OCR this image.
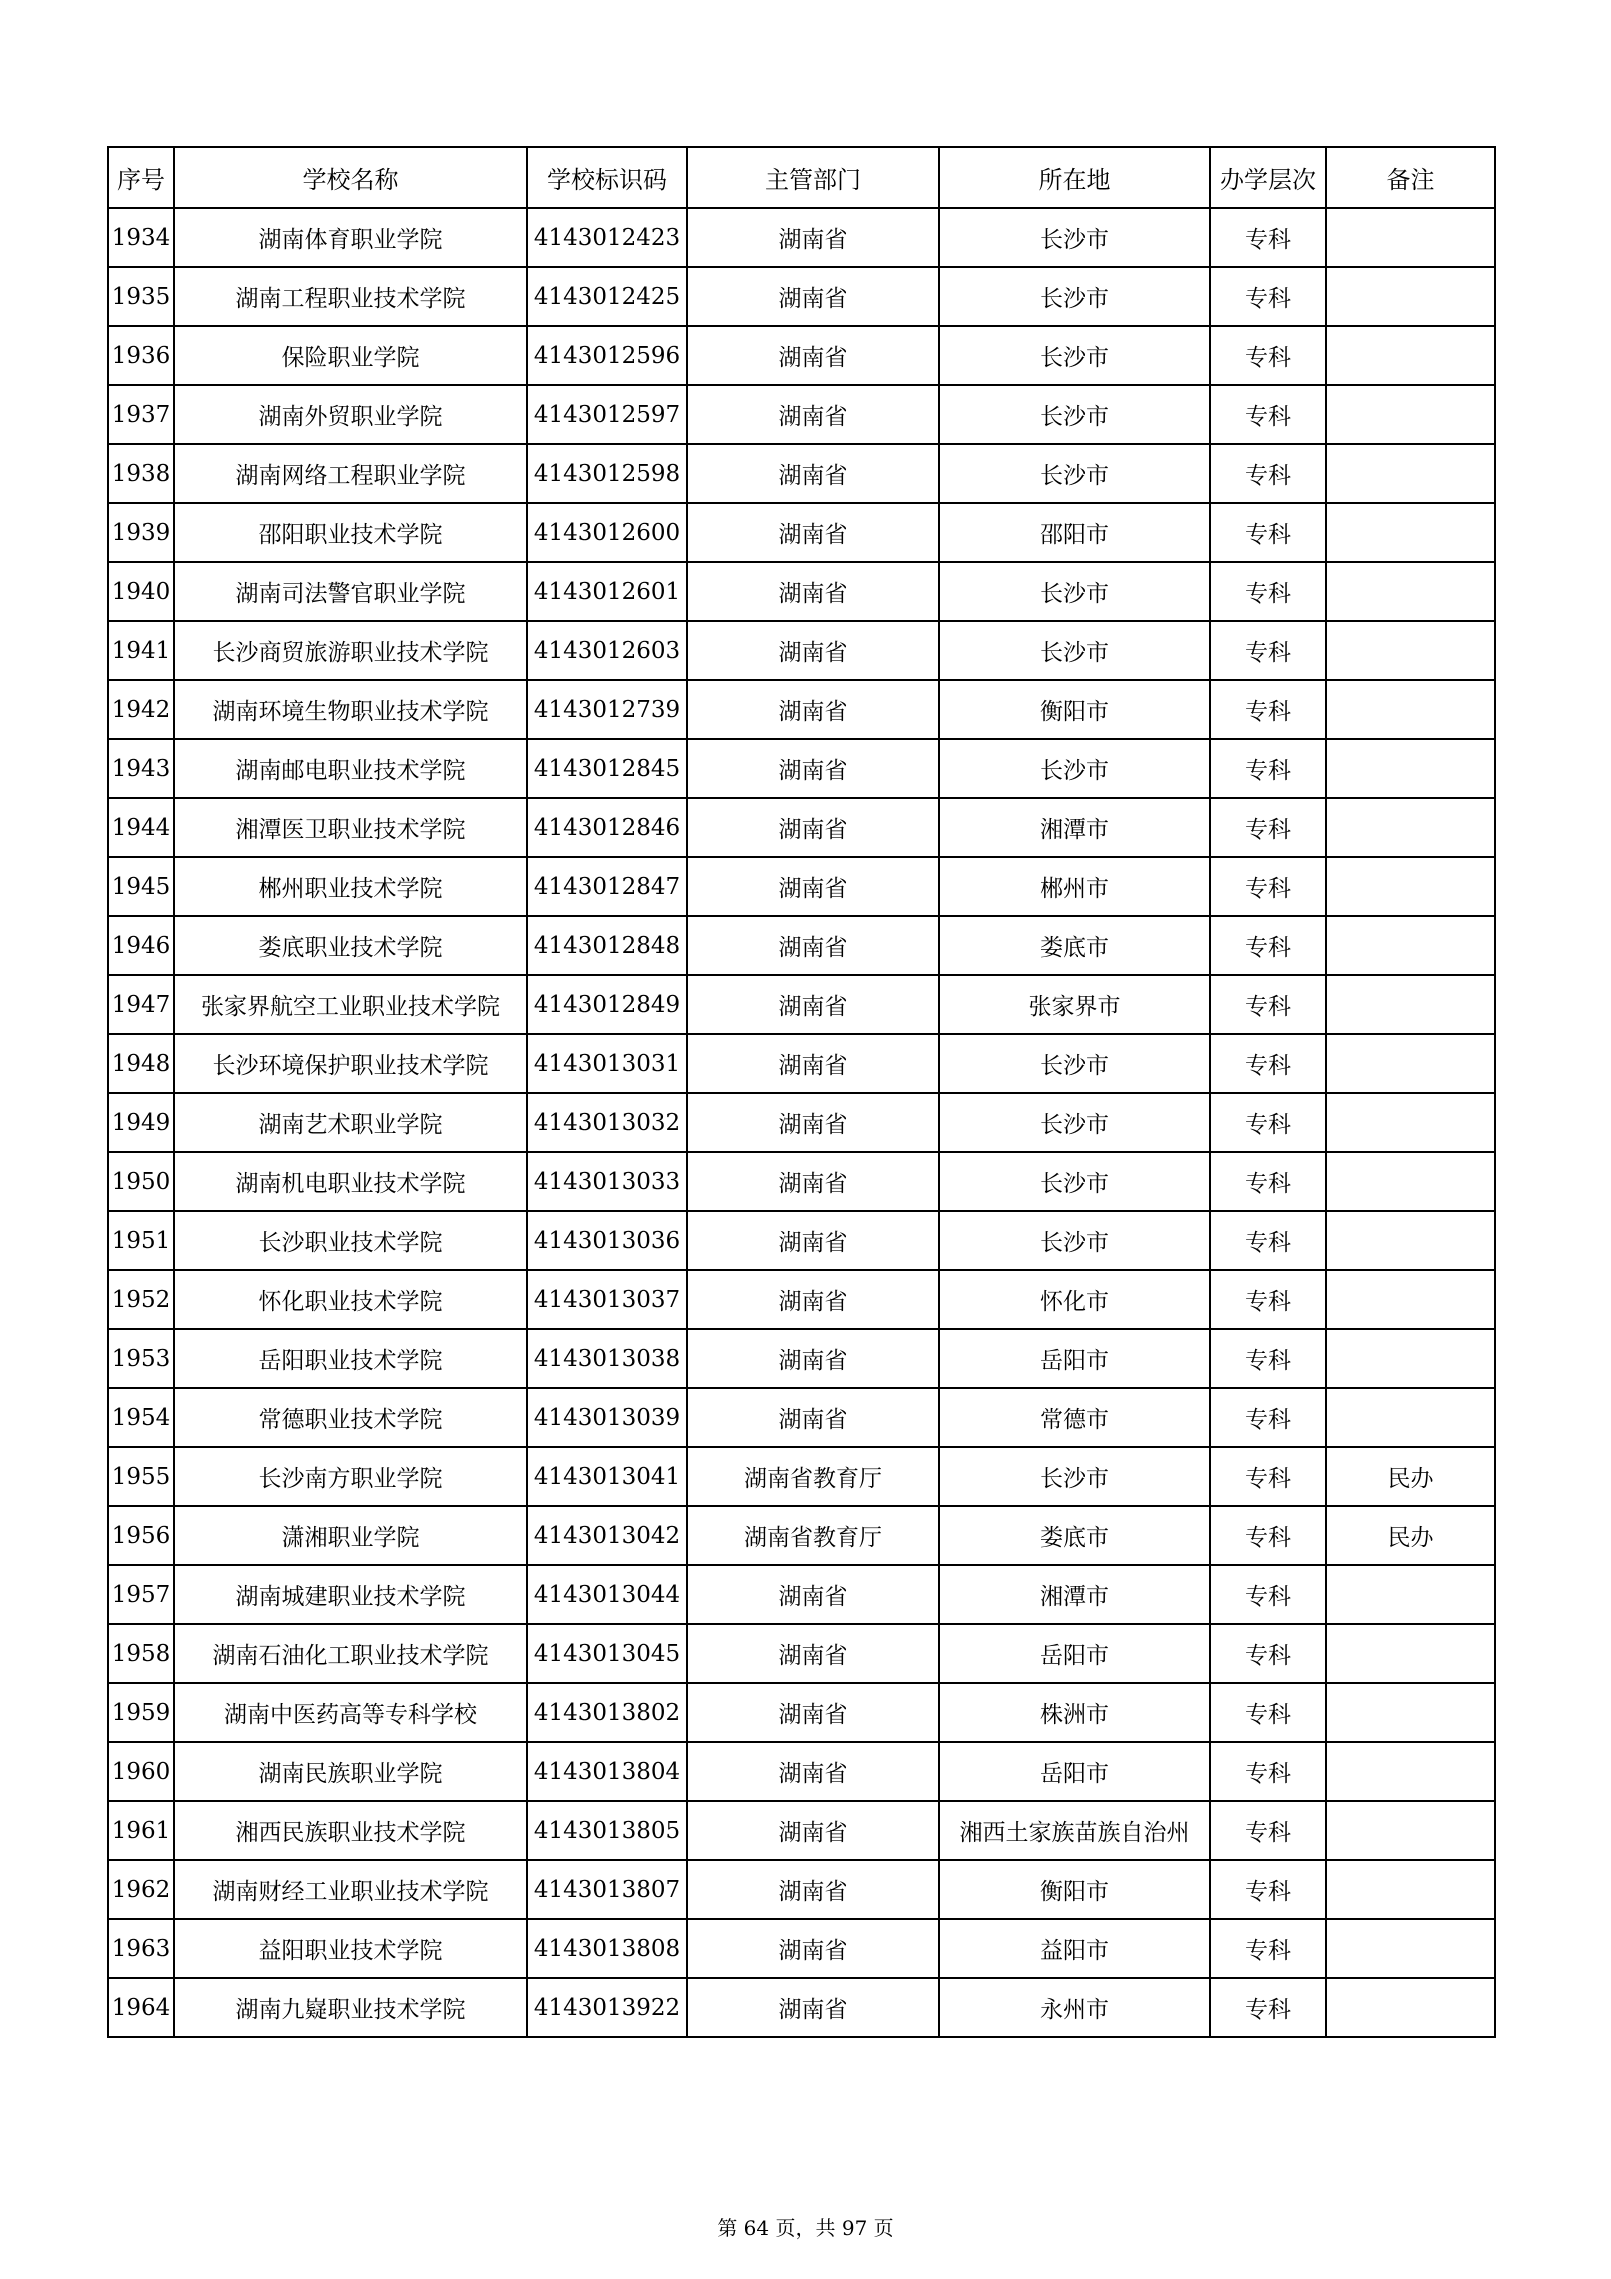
序号	学校名称	学校标识码	主管部门	所在地	办学层次	备注
1934	湖南体育职业学院	4143012423	湖南省	长沙市	专科	
1935	湖南工程职业技术学院	4143012425	湖南省	长沙市	专科	
1936	保险职业学院	4143012596	湖南省	长沙市	专科	
1937	湖南外贸职业学院	4143012597	湖南省	长沙市	专科	
1938	湖南网络工程职业学院	4143012598	湖南省	长沙市	专科	
1939	邵阳职业技术学院	4143012600	湖南省	邵阳市	专科	
1940	湖南司法警官职业学院	4143012601	湖南省	长沙市	专科	
1941	长沙商贸旅游职业技术学院	4143012603	湖南省	长沙市	专科	
1942	湖南环境生物职业技术学院	4143012739	湖南省	衡阳市	专科	
1943	湖南邮电职业技术学院	4143012845	湖南省	长沙市	专科	
1944	湘潭医卫职业技术学院	4143012846	湖南省	湘潭市	专科	
1945	郴州职业技术学院	4143012847	湖南省	郴州市	专科	
1946	娄底职业技术学院	4143012848	湖南省	娄底市	专科	
1947	张家界航空工业职业技术学院	4143012849	湖南省	张家界市	专科	
1948	长沙环境保护职业技术学院	4143013031	湖南省	长沙市	专科	
1949	湖南艺术职业学院	4143013032	湖南省	长沙市	专科	
1950	湖南机电职业技术学院	4143013033	湖南省	长沙市	专科	
1951	长沙职业技术学院	4143013036	湖南省	长沙市	专科	
1952	怀化职业技术学院	4143013037	湖南省	怀化市	专科	
1953	岳阳职业技术学院	4143013038	湖南省	岳阳市	专科	
1954	常德职业技术学院	4143013039	湖南省	常德市	专科	
1955	长沙南方职业学院	4143013041	湖南省教育厅	长沙市	专科	民办
1956	潇湘职业学院	4143013042	湖南省教育厅	娄底市	专科	民办
1957	湖南城建职业技术学院	4143013044	湖南省	湘潭市	专科	
1958	湖南石油化工职业技术学院	4143013045	湖南省	岳阳市	专科	
1959	湖南中医药高等专科学校	4143013802	湖南省	株洲市	专科	
1960	湖南民族职业学院	4143013804	湖南省	岳阳市	专科	
1961	湘西民族职业技术学院	4143013805	湖南省	湘西土家族苗族自治州	专科	
1962	湖南财经工业职业技术学院	4143013807	湖南省	衡阳市	专科	
1963	益阳职业技术学院	4143013808	湖南省	益阳市	专科	
1964	湖南九嶷职业技术学院	4143013922	湖南省	永州市	专科	
第 64 页，共 97 页
